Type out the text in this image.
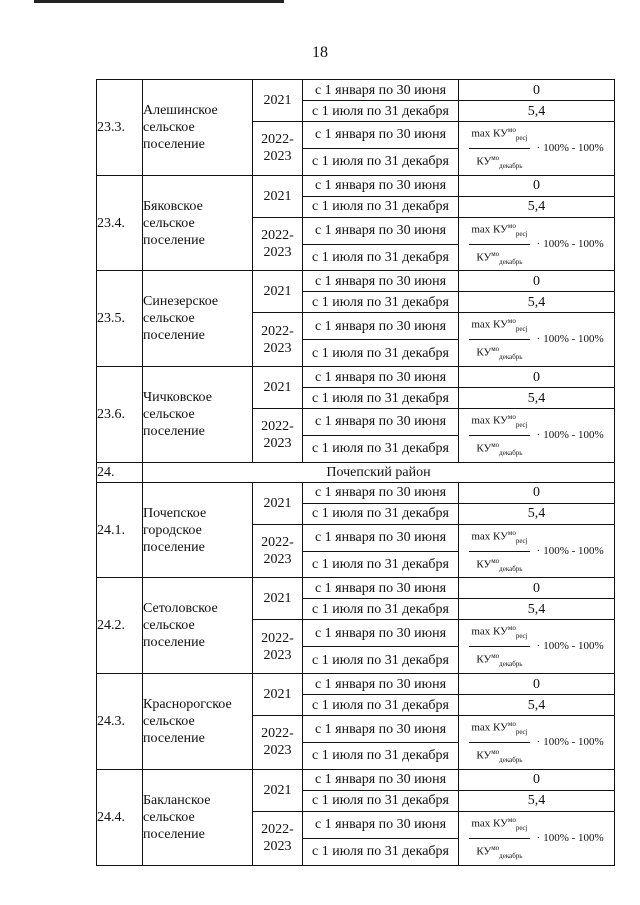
18
23.3.	Алешинское сельское поселение	2021	с 1 января по 30 июня	0
			с 1 июля по 31 декабря	5,4
		2022-2023	с 1 января по 30 июня	$\frac{\max КУ^{мо}_{pecj}}{КУ^{мо}_{декабрь}} \cdot 100\% - 100\%$

			с 1 июля по 31 декабря	
23.4.	Бяковское сельское поселение	2021	с 1 января по 30 июня	0
			с 1 июля по 31 декабря	5,4
		2022-2023	с 1 января по 30 июня	$\frac{\max КУ^{мо}_{pecj}}{КУ^{мо}_{декабрь}} \cdot 100\% - 100\%$

			с 1 июля по 31 декабря	
23.5.	Синезерское сельское поселение	2021	с 1 января по 30 июня	0
			с 1 июля по 31 декабря	5,4
		2022-2023	с 1 января по 30 июня	$\frac{\max КУ^{мо}_{pecj}}{КУ^{мо}_{декабрь}} \cdot 100\% - 100\%$

			с 1 июля по 31 декабря	
23.6.	Чичковское сельское поселение	2021	с 1 января по 30 июня	0
			с 1 июля по 31 декабря	5,4
		2022-2023	с 1 января по 30 июня	$\frac{\max КУ^{мо}_{pecj}}{КУ^{мо}_{декабрь}} \cdot 100\% - 100\%$

			с 1 июля по 31 декабря	
24.	Почепский район			
24.1.	Почепское городское поселение	2021	с 1 января по 30 июня	0
			с 1 июля по 31 декабря	5,4
		2022-2023	с 1 января по 30 июня	$\frac{\max КУ^{мо}_{pecj}}{КУ^{мо}_{декабрь}} \cdot 100\% - 100\%$

			с 1 июля по 31 декабря	
24.2.	Сетоловское сельское поселение	2021	с 1 января по 30 июня	0
			с 1 июля по 31 декабря	5,4
		2022-2023	с 1 января по 30 июня	$\frac{\max КУ^{мо}_{pecj}}{КУ^{мо}_{декабрь}} \cdot 100\% - 100\%$

			с 1 июля по 31 декабря	
24.3.	Краснорогское сельское поселение	2021	с 1 января по 30 июня	0
			с 1 июля по 31 декабря	5,4
		2022-2023	с 1 января по 30 июня	$\frac{\max КУ^{мо}_{pecj}}{КУ^{мо}_{декабрь}} \cdot 100\% - 100\%$

			с 1 июля по 31 декабря	
24.4.	Бакланское сельское поселение	2021	с 1 января по 30 июня	0
			с 1 июля по 31 декабря	5,4
		2022-2023	с 1 января по 30 июня	$\frac{\max КУ^{мо}_{pecj}}{КУ^{мо}_{декабрь}} \cdot 100\% - 100\%$

			с 1 июля по 31 декабря	
